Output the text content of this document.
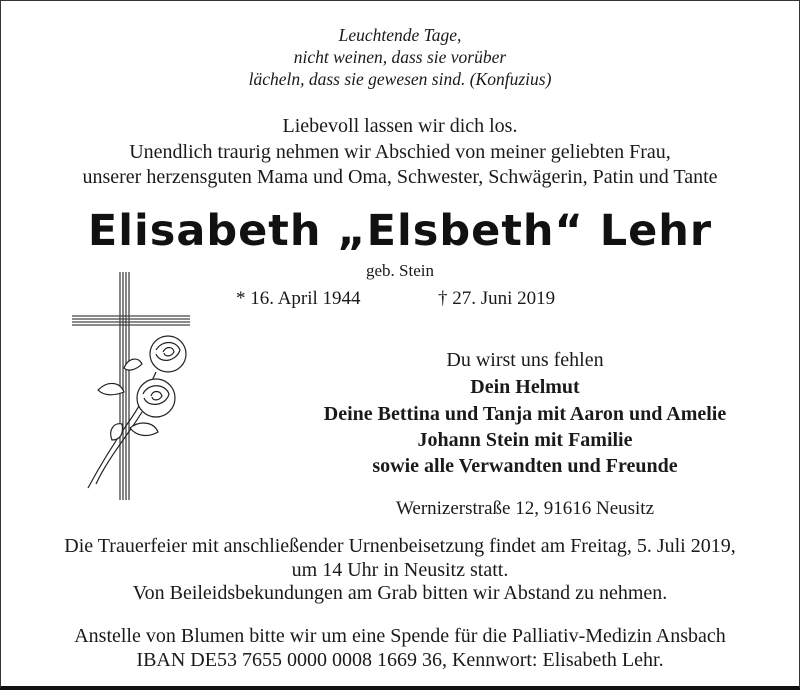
Leuchtende Tage,
nicht weinen, dass sie vorüber
lächeln, dass sie gewesen sind. (Konfuzius)
Liebevoll lassen wir dich los.
Unendlich traurig nehmen wir Abschied von meiner geliebten Frau,
unserer herzensguten Mama und Oma, Schwester, Schwägerin, Patin und Tante
Elisabeth „Elsbeth“ Lehr
geb. Stein
* 16. April 1944	† 27. Juni 2019
Du wirst uns fehlen
Dein Helmut
Deine Bettina und Tanja mit Aaron und Amelie
Johann Stein mit Familie
sowie alle Verwandten und Freunde
Wernizerstraße 12, 91616 Neusitz
Die Trauerfeier mit anschließender Urnenbeisetzung findet am Freitag, 5. Juli 2019,
um 14 Uhr in Neusitz statt.
Von Beileidsbekundungen am Grab bitten wir Abstand zu nehmen.
Anstelle von Blumen bitte wir um eine Spende für die Palliativ-Medizin Ansbach
IBAN DE53 7655 0000 0008 1669 36, Kennwort: Elisabeth Lehr.
